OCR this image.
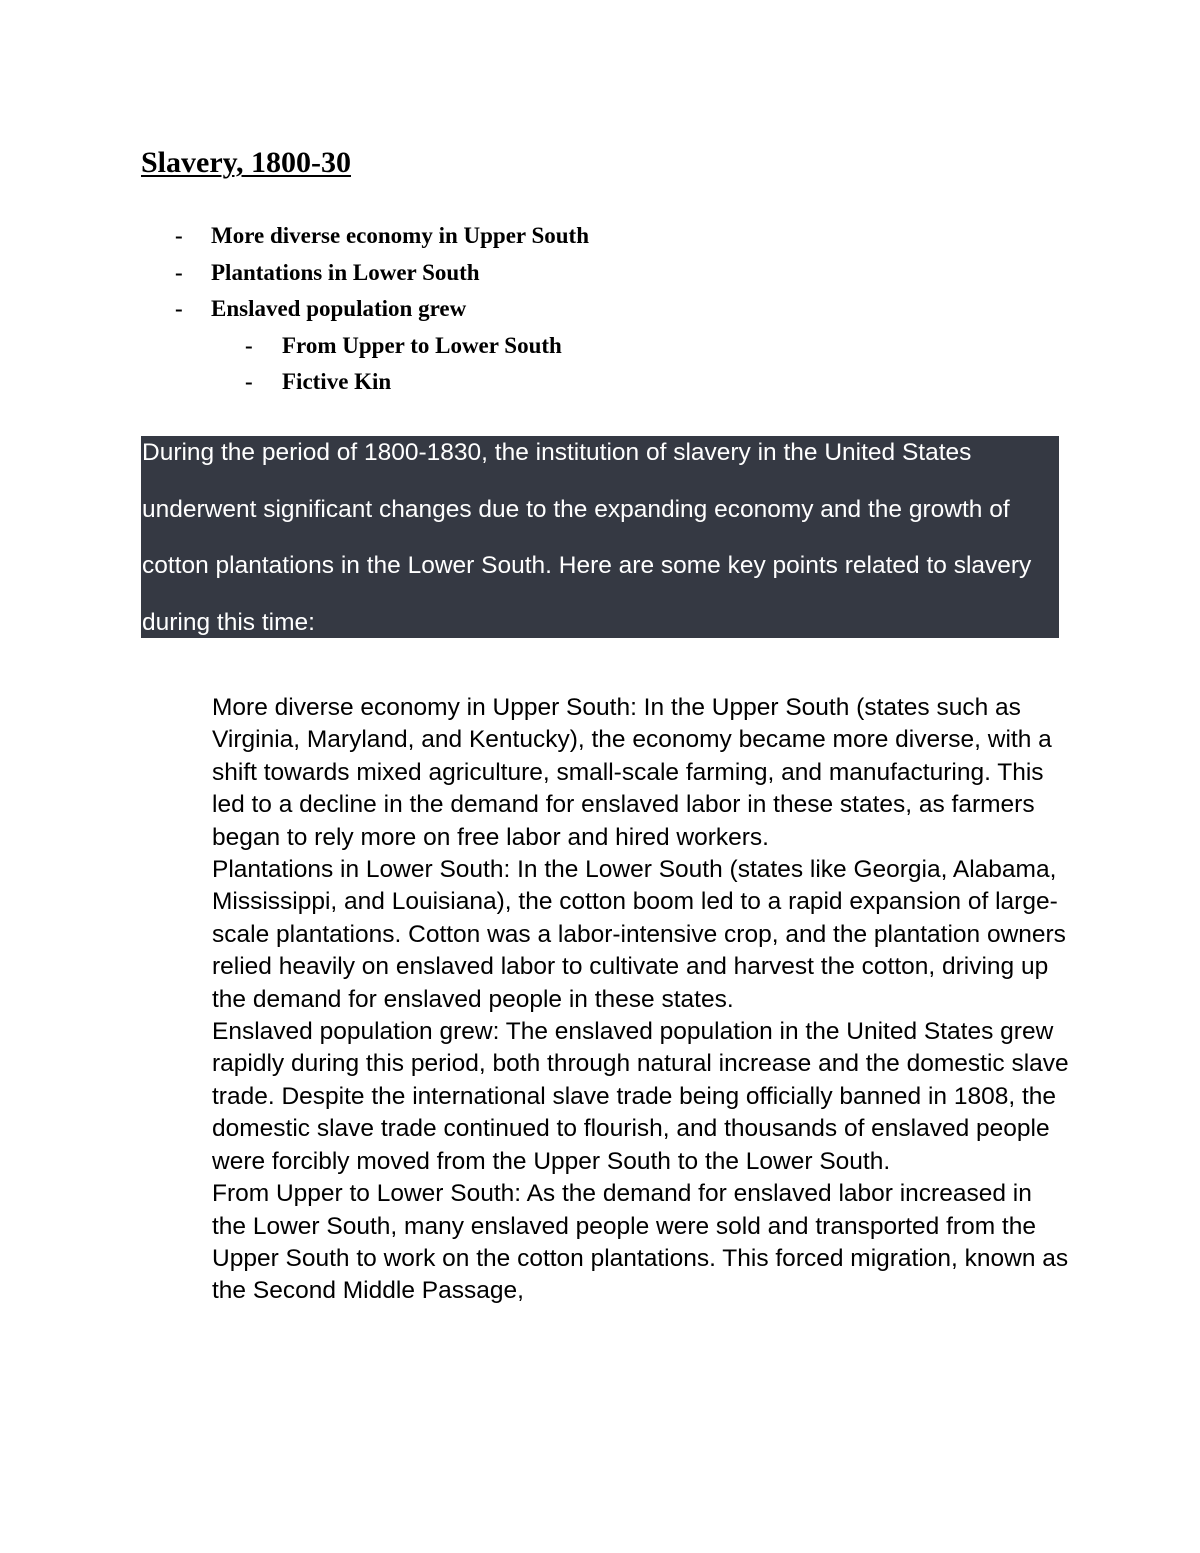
Slavery, 1800-30
- More diverse economy in Upper South
- Plantations in Lower South
- Enslaved population grew
- From Upper to Lower South
- Fictive Kin

During the period of 1800-1830, the institution of slavery in the United States underwent significant changes due to the expanding economy and the growth of cotton plantations in the Lower South. Here are some key points related to slavery during this time:

More diverse economy in Upper South: In the Upper South (states such as Virginia, Maryland, and Kentucky), the economy became more diverse, with a shift towards mixed agriculture, small-scale farming, and manufacturing. This led to a decline in the demand for enslaved labor in these states, as farmers began to rely more on free labor and hired workers.

Plantations in Lower South: In the Lower South (states like Georgia, Alabama, Mississippi, and Louisiana), the cotton boom led to a rapid expansion of large-scale plantations. Cotton was a labor-intensive crop, and the plantation owners relied heavily on enslaved labor to cultivate and harvest the cotton, driving up the demand for enslaved people in these states.

Enslaved population grew: The enslaved population in the United States grew rapidly during this period, both through natural increase and the domestic slave trade. Despite the international slave trade being officially banned in 1808, the domestic slave trade continued to flourish, and thousands of enslaved people were forcibly moved from the Upper South to the Lower South.

From Upper to Lower South: As the demand for enslaved labor increased in the Lower South, many enslaved people were sold and transported from the Upper South to work on the cotton plantations. This forced migration, known as the Second Middle Passage,
